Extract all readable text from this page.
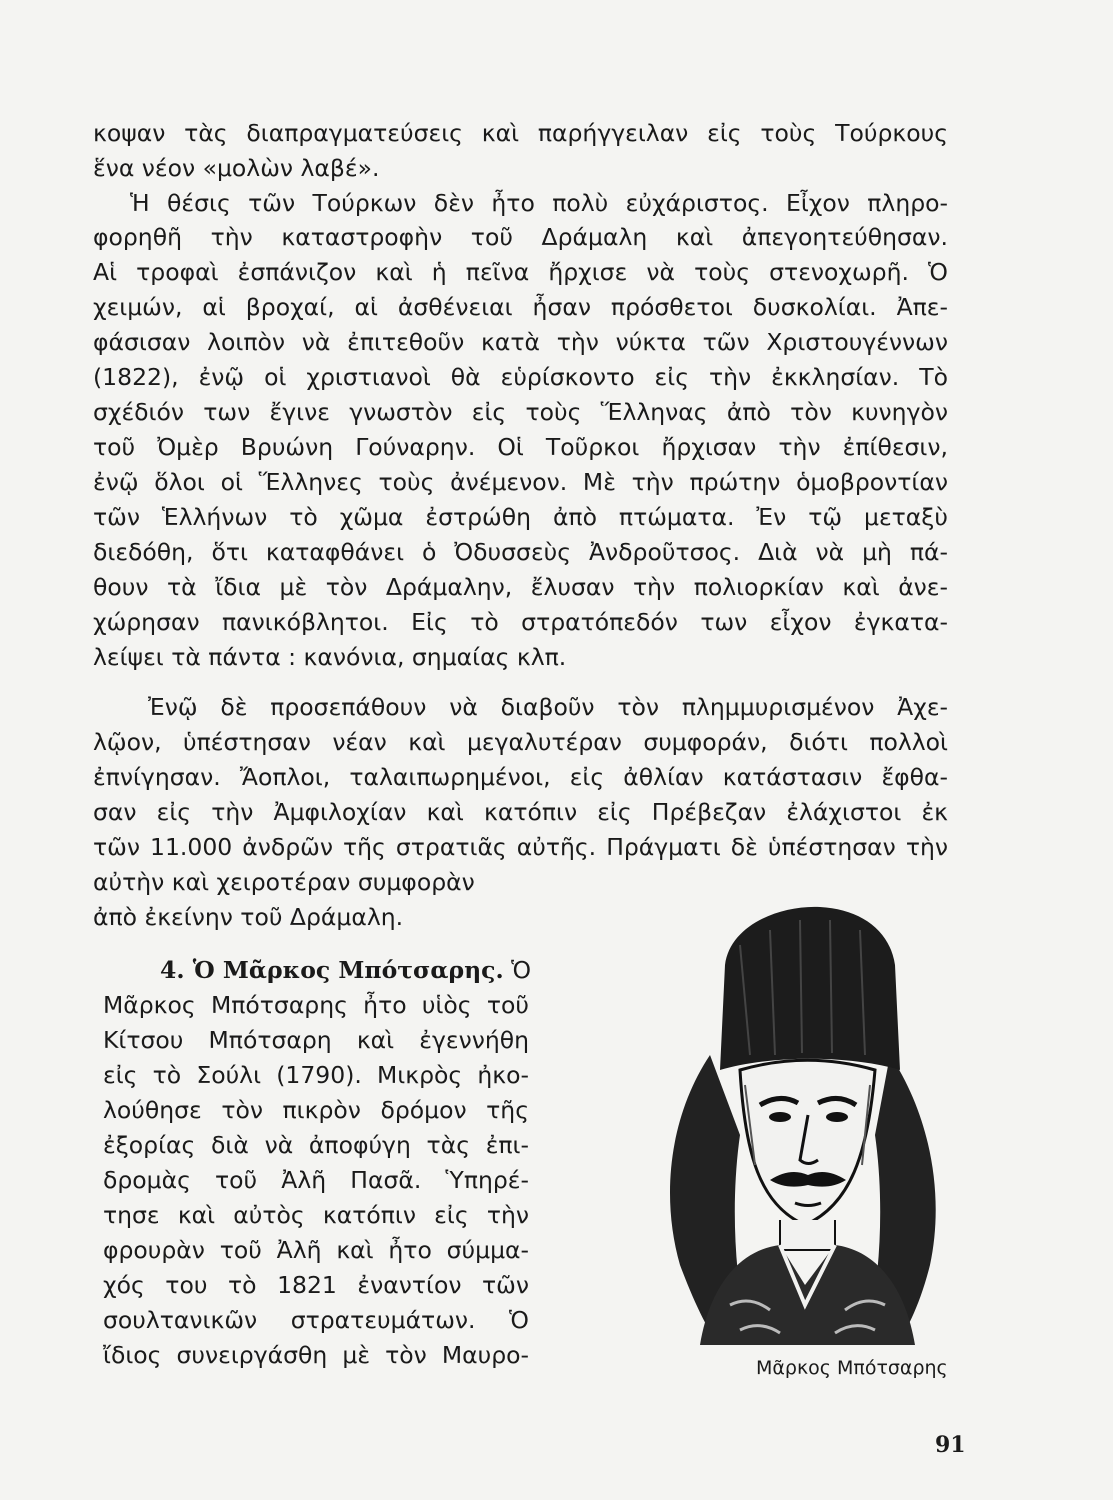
κοψαν τὰς διαπραγματεύσεις καὶ παρήγγειλαν εἰς τοὺς Τούρκους
ἕνα νέον «μολὼν λαβέ».
Ἡ θέσις τῶν Τούρκων δὲν ἦτο πολὺ εὐχάριστος. Εἶχον πληρο-
φορηθῆ τὴν καταστροφὴν τοῦ Δράμαλη καὶ ἀπεγοητεύθησαν.
Αἱ τροφαὶ ἐσπάνιζον καὶ ἡ πεῖνα ἤρχισε νὰ τοὺς στενοχωρῆ. Ὁ
χειμών, αἱ βροχαί, αἱ ἀσθένειαι ἦσαν πρόσθετοι δυσκολίαι. Ἀπε-
φάσισαν λοιπὸν νὰ ἐπιτεθοῦν κατὰ τὴν νύκτα τῶν Χριστουγέννων
(1822), ἐνῷ οἱ χριστιανοὶ θὰ εὑρίσκοντο εἰς τὴν ἐκκλησίαν. Τὸ
σχέδιόν των ἔγινε γνωστὸν εἰς τοὺς Ἕλληνας ἀπὸ τὸν κυνηγὸν
τοῦ Ὀμὲρ Βρυώνη Γούναρην. Οἱ Τοῦρκοι ἤρχισαν τὴν ἐπίθεσιν,
ἐνῷ ὅλοι οἱ Ἕλληνες τοὺς ἀνέμενον. Μὲ τὴν πρώτην ὁμοβροντίαν
τῶν Ἑλλήνων τὸ χῶμα ἐστρώθη ἀπὸ πτώματα. Ἐν τῷ μεταξὺ
διεδόθη, ὅτι καταφθάνει ὁ Ὀδυσσεὺς Ἀνδροῦτσος. Διὰ νὰ μὴ πά-
θουν τὰ ἴδια μὲ τὸν Δράμαλην, ἔλυσαν τὴν πολιορκίαν καὶ ἀνε-
χώρησαν πανικόβλητοι. Εἰς τὸ στρατόπεδόν των εἶχον ἐγκατα-
λείψει τὰ πάντα : κανόνια, σημαίας κλπ.
Ἐνῷ δὲ προσεπάθουν νὰ διαβοῦν τὸν πλημμυρισμένον Ἀχε-
λῷον, ὑπέστησαν νέαν καὶ μεγαλυτέραν συμφοράν, διότι πολλοὶ
ἐπνίγησαν. Ἄοπλοι, ταλαιπωρημένοι, εἰς ἀθλίαν κατάστασιν ἔφθα-
σαν εἰς τὴν Ἀμφιλοχίαν καὶ κατόπιν εἰς Πρέβεζαν ἐλάχιστοι ἐκ
τῶν 11.000 ἀνδρῶν τῆς στρατιᾶς αὐτῆς. Πράγματι δὲ ὑπέστησαν τὴν
αὐτὴν καὶ χειροτέραν συμφορὰν
ἀπὸ ἐκείνην τοῦ Δράμαλη.
4. Ὁ Μᾶρκος Μπότσαρης. Ὁ
Μᾶρκος Μπότσαρης ἦτο υἱὸς τοῦ
Κίτσου Μπότσαρη καὶ ἐγεννήθη
εἰς τὸ Σούλι (1790). Μικρὸς ἠκο-
λούθησε τὸν πικρὸν δρόμον τῆς
ἐξορίας διὰ νὰ ἀποφύγη τὰς ἐπι-
δρομὰς τοῦ Ἀλῆ Πασᾶ. Ὑπηρέ-
τησε καὶ αὐτὸς κατόπιν εἰς τὴν
φρουρὰν τοῦ Ἀλῆ καὶ ἦτο σύμμα-
χός του τὸ 1821 ἐναντίον τῶν
σουλτανικῶν στρατευμάτων. Ὁ
ἴδιος συνειργάσθη μὲ τὸν Μαυρο-	Μᾶρκος Μπότσαρης
91
